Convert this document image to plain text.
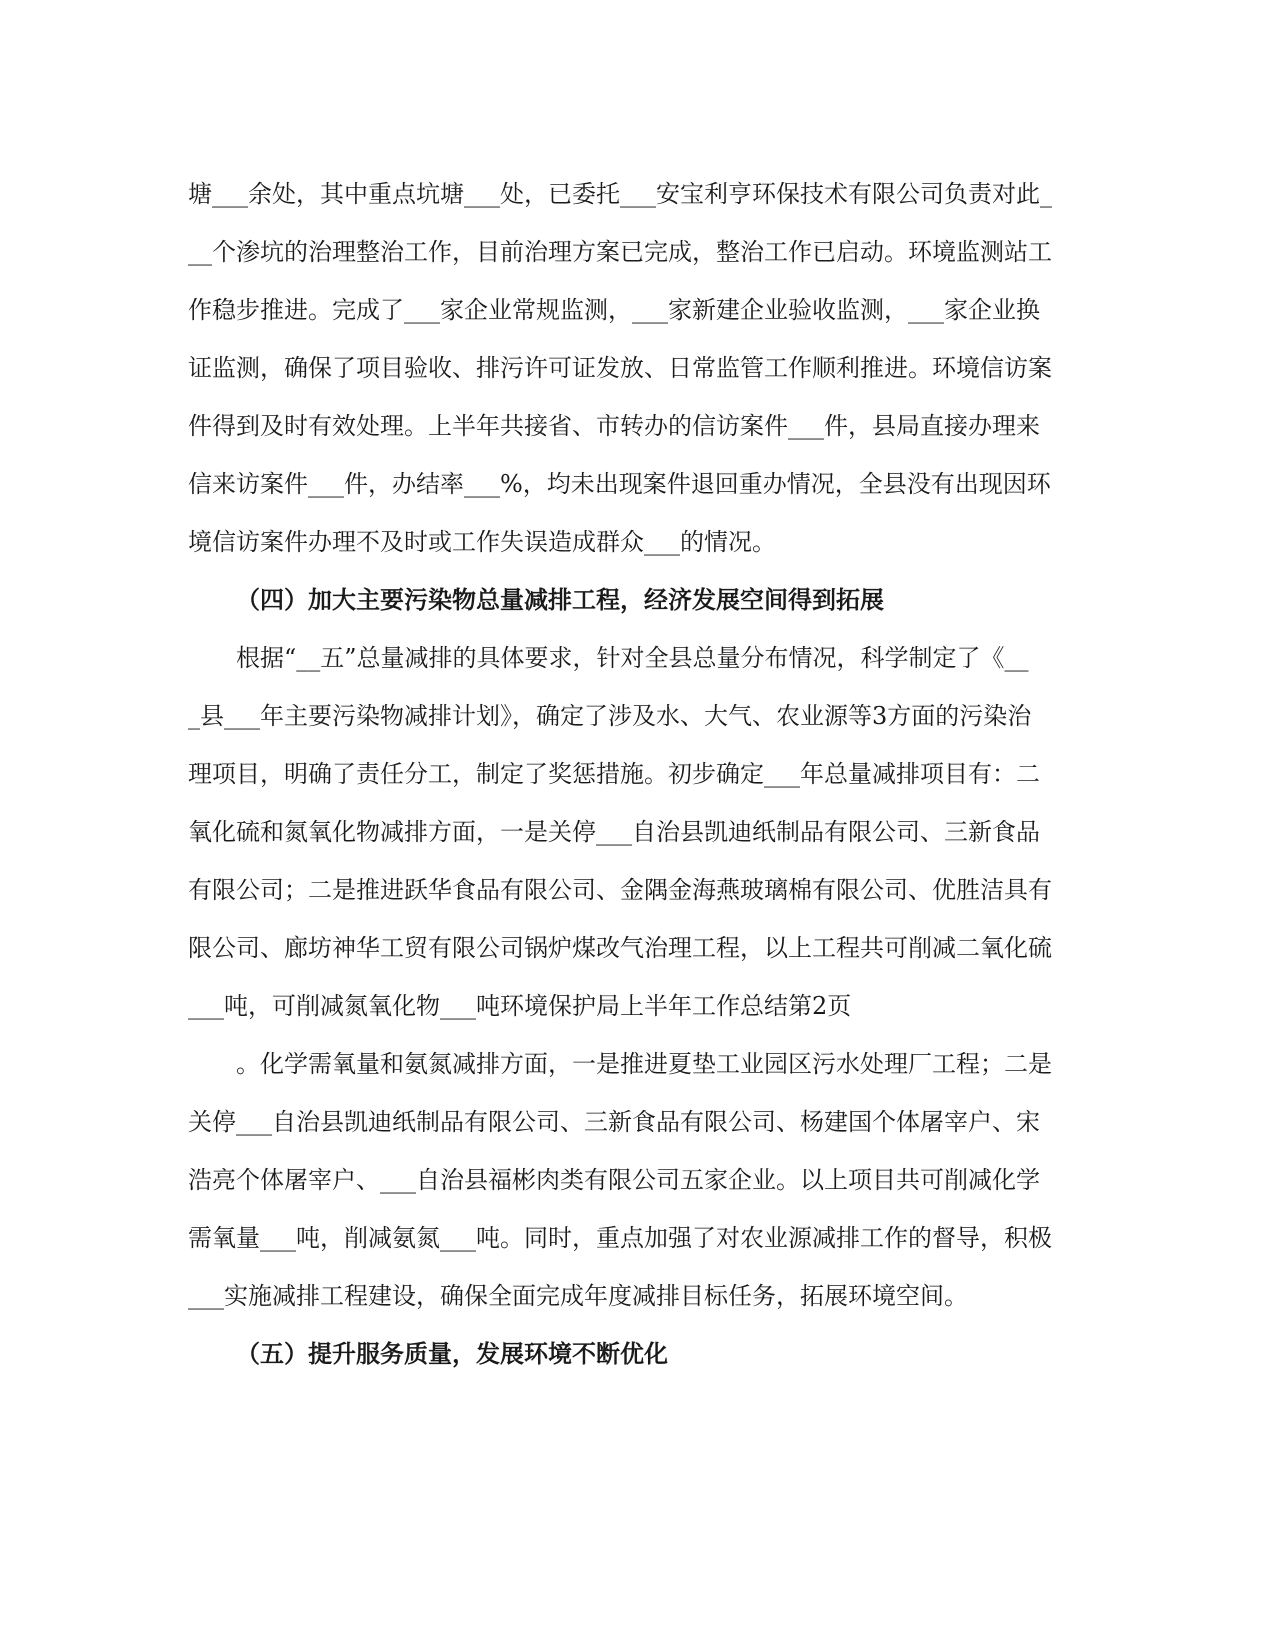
塘___余处，其中重点坑塘___处，已委托___安宝利亨环保技术有限公司负责对此_
__个渗坑的治理整治工作，目前治理方案已完成，整治工作已启动。环境监测站工
作稳步推进。完成了___家企业常规监测，___家新建企业验收监测，___家企业换
证监测，确保了项目验收、排污许可证发放、日常监管工作顺利推进。环境信访案
件得到及时有效处理。上半年共接省、市转办的信访案件___件，县局直接办理来
信来访案件___件，办结率___%，均未出现案件退回重办情况，全县没有出现因环
境信访案件办理不及时或工作失误造成群众___的情况。
（四）加大主要污染物总量减排工程，经济发展空间得到拓展
根据“__五”总量减排的具体要求，针对全县总量分布情况，科学制定了《__
_县___年主要污染物减排计划》，确定了涉及水、大气、农业源等3方面的污染治
理项目，明确了责任分工，制定了奖惩措施。初步确定___年总量减排项目有：二
氧化硫和氮氧化物减排方面，一是关停___自治县凯迪纸制品有限公司、三新食品
有限公司；二是推进跃华食品有限公司、金隅金海燕玻璃棉有限公司、优胜洁具有
限公司、廊坊神华工贸有限公司锅炉煤改气治理工程，以上工程共可削减二氧化硫
___吨，可削减氮氧化物___吨环境保护局上半年工作总结第2页
。化学需氧量和氨氮减排方面，一是推进夏垫工业园区污水处理厂工程；二是
关停___自治县凯迪纸制品有限公司、三新食品有限公司、杨建国个体屠宰户、宋
浩亮个体屠宰户、___自治县福彬肉类有限公司五家企业。以上项目共可削减化学
需氧量___吨，削减氨氮___吨。同时，重点加强了对农业源减排工作的督导，积极
___实施减排工程建设，确保全面完成年度减排目标任务，拓展环境空间。
（五）提升服务质量，发展环境不断优化
